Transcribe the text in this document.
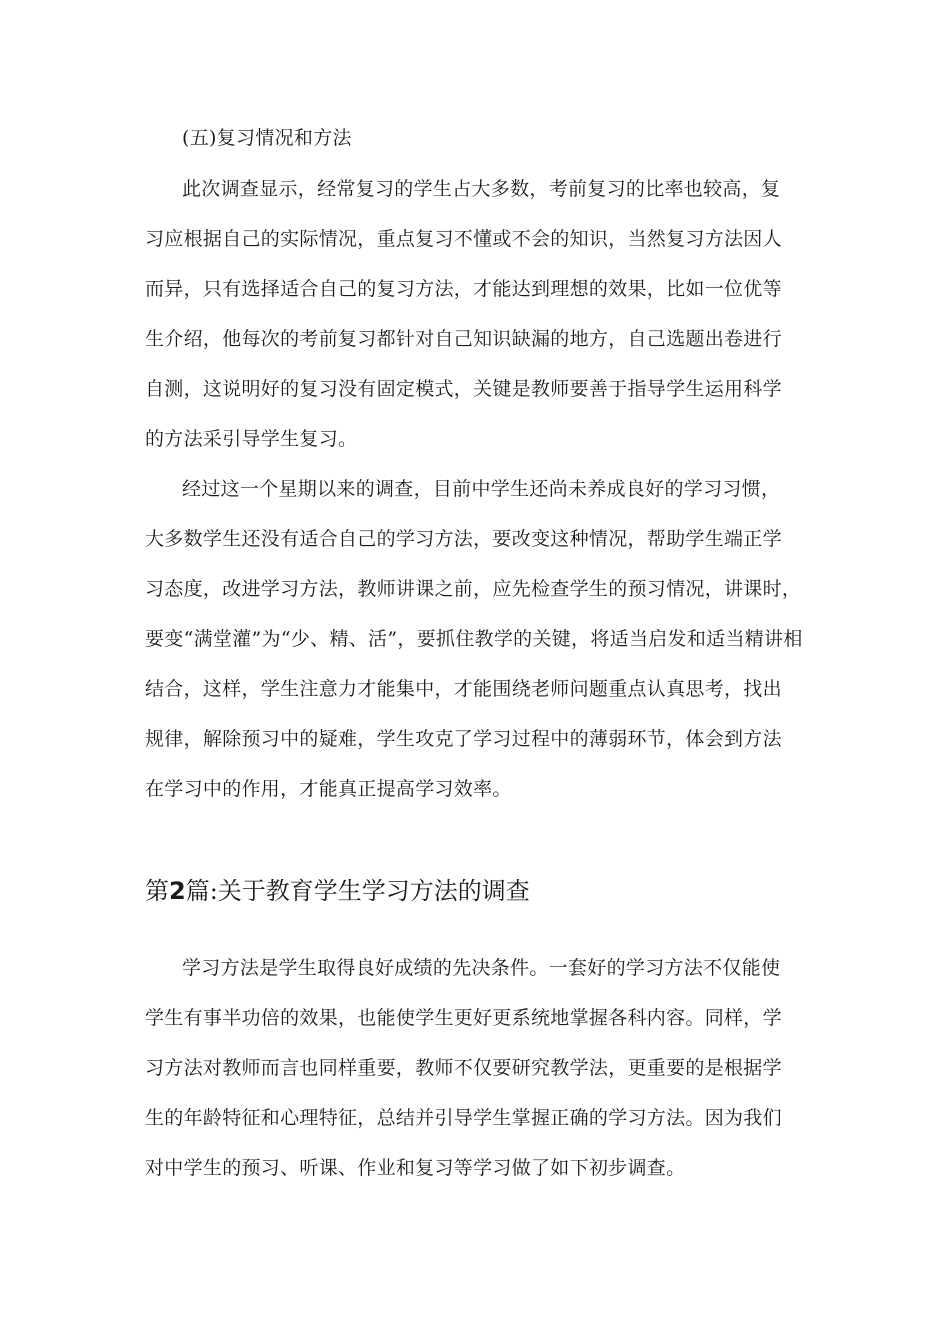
(五)复习情况和方法
此次调查显示，经常复习的学生占大多数，考前复习的比率也较高，复
习应根据自己的实际情况，重点复习不懂或不会的知识，当然复习方法因人
而异，只有选择适合自己的复习方法，才能达到理想的效果，比如一位优等
生介绍，他每次的考前复习都针对自己知识缺漏的地方，自己选题出卷进行
自测，这说明好的复习没有固定模式，关键是教师要善于指导学生运用科学
的方法采引导学生复习。
经过这一个星期以来的调查，目前中学生还尚未养成良好的学习习惯，
大多数学生还没有适合自己的学习方法，要改变这种情况，帮助学生端正学
习态度，改进学习方法，教师讲课之前，应先检查学生的预习情况，讲课时，
要变“满堂灌”为“少、精、活”，要抓住教学的关键，将适当启发和适当精讲相
结合，这样，学生注意力才能集中，才能围绕老师问题重点认真思考，找出
规律，解除预习中的疑难，学生攻克了学习过程中的薄弱环节，体会到方法
在学习中的作用，才能真正提高学习效率。
第2篇:关于教育学生学习方法的调查
学习方法是学生取得良好成绩的先决条件。一套好的学习方法不仅能使
学生有事半功倍的效果，也能使学生更好更系统地掌握各科内容。同样，学
习方法对教师而言也同样重要，教师不仅要研究教学法，更重要的是根据学
生的年龄特征和心理特征，总结并引导学生掌握正确的学习方法。因为我们
对中学生的预习、听课、作业和复习等学习做了如下初步调查。
